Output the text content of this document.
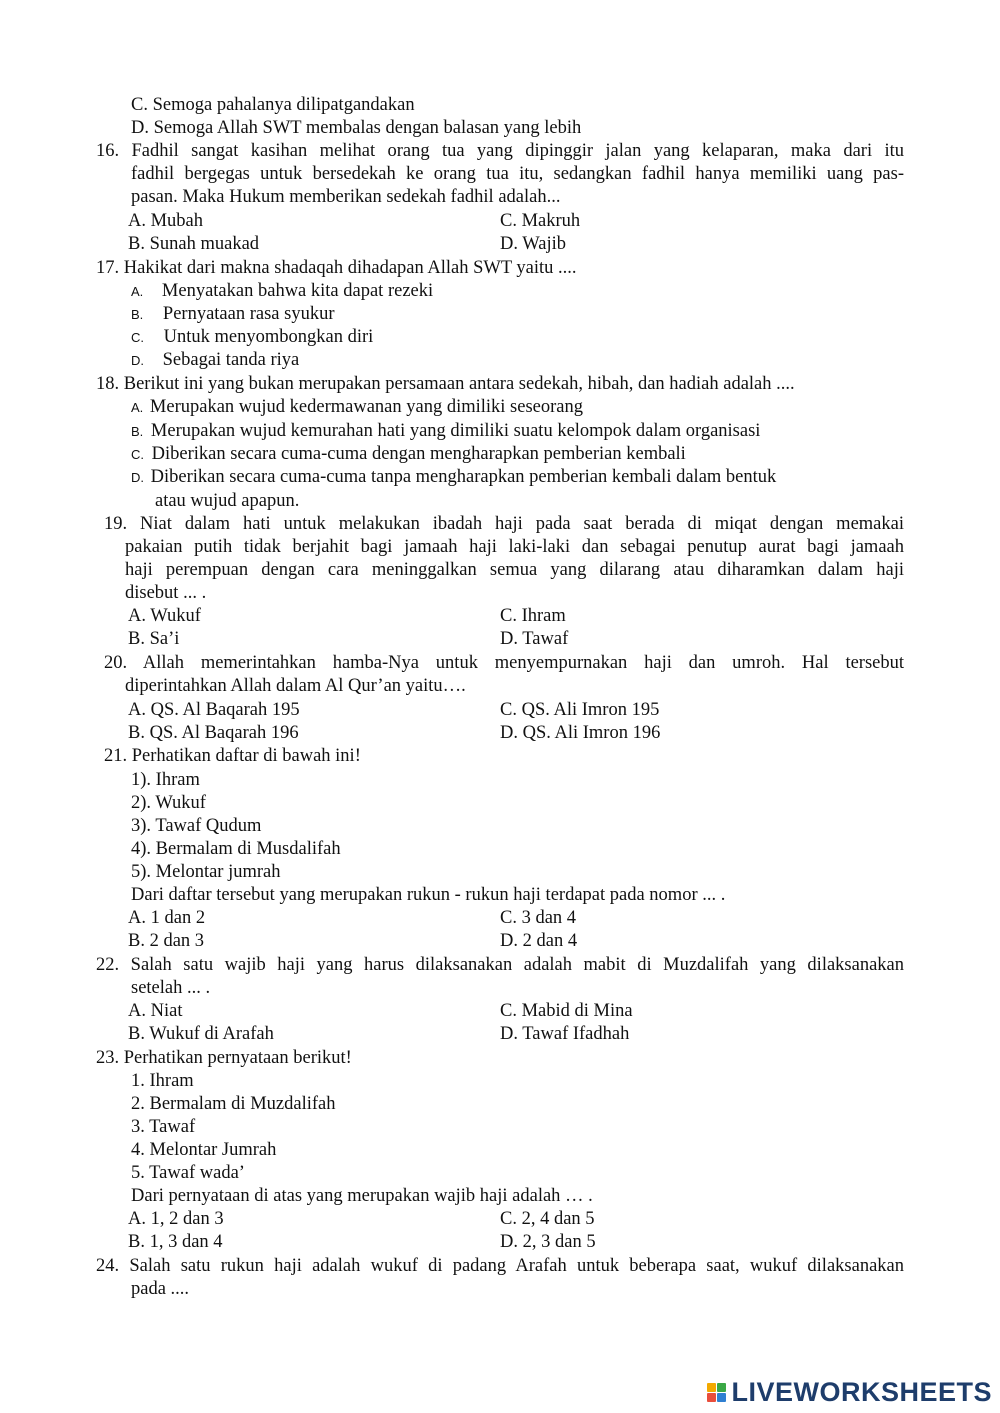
C. Semoga pahalanya dilipatgandakan
D. Semoga Allah SWT membalas dengan balasan yang lebih
16. Fadhil sangat kasihan melihat orang tua yang dipinggir jalan yang kelaparan, maka dari itu
fadhil bergegas untuk bersedekah ke orang tua itu, sedangkan fadhil hanya memiliki uang pas-
pasan. Maka Hukum memberikan sedekah fadhil adalah...
A. Mubah	C. Makruh
B. Sunah muakad	D. Wajib
17. Hakikat dari makna shadaqah dihadapan Allah SWT yaitu ....
A. Menyatakan bahwa kita dapat rezeki
B. Pernyataan rasa syukur
C. Untuk menyombongkan diri
D. Sebagai tanda riya
18. Berikut ini yang bukan merupakan persamaan antara sedekah, hibah, dan hadiah adalah ....
A. Merupakan wujud kedermawanan yang dimiliki seseorang
B. Merupakan wujud kemurahan hati yang dimiliki suatu kelompok dalam organisasi
C. Diberikan secara cuma-cuma dengan mengharapkan pemberian kembali
D. Diberikan secara cuma-cuma tanpa mengharapkan pemberian kembali dalam bentuk
atau wujud apapun.
19. Niat dalam hati untuk melakukan ibadah haji pada saat berada di miqat dengan memakai
pakaian putih tidak berjahit bagi jamaah haji laki-laki dan sebagai penutup aurat bagi jamaah
haji perempuan dengan cara meninggalkan semua yang dilarang atau diharamkan dalam haji
disebut ... .
A. Wukuf	C. Ihram
B. Sa’i	D. Tawaf
20. Allah memerintahkan hamba-Nya untuk menyempurnakan haji dan umroh. Hal tersebut
diperintahkan Allah dalam Al Qur’an yaitu….
A. QS. Al Baqarah 195	C. QS. Ali Imron 195
B. QS. Al Baqarah 196	D. QS. Ali Imron 196
21. Perhatikan daftar di bawah ini!
1). Ihram
2). Wukuf
3). Tawaf Qudum
4). Bermalam di Musdalifah
5). Melontar jumrah
Dari daftar tersebut yang merupakan rukun - rukun haji terdapat pada nomor ... .
A. 1 dan 2	C. 3 dan 4
B. 2 dan 3	D. 2 dan 4
22. Salah satu wajib haji yang harus dilaksanakan adalah mabit di Muzdalifah yang dilaksanakan
setelah ... .
A. Niat	C. Mabid di Mina
B. Wukuf di Arafah	D. Tawaf Ifadhah
23. Perhatikan pernyataan berikut!
1. Ihram
2. Bermalam di Muzdalifah
3. Tawaf
4. Melontar Jumrah
5. Tawaf wada’
Dari pernyataan di atas yang merupakan wajib haji adalah … .
A. 1, 2 dan 3	C. 2, 4 dan 5
B. 1, 3 dan 4	D. 2, 3 dan 5
24. Salah satu rukun haji adalah wukuf di padang Arafah untuk beberapa saat, wukuf dilaksanakan
pada ....
LIVEWORKSHEETS
